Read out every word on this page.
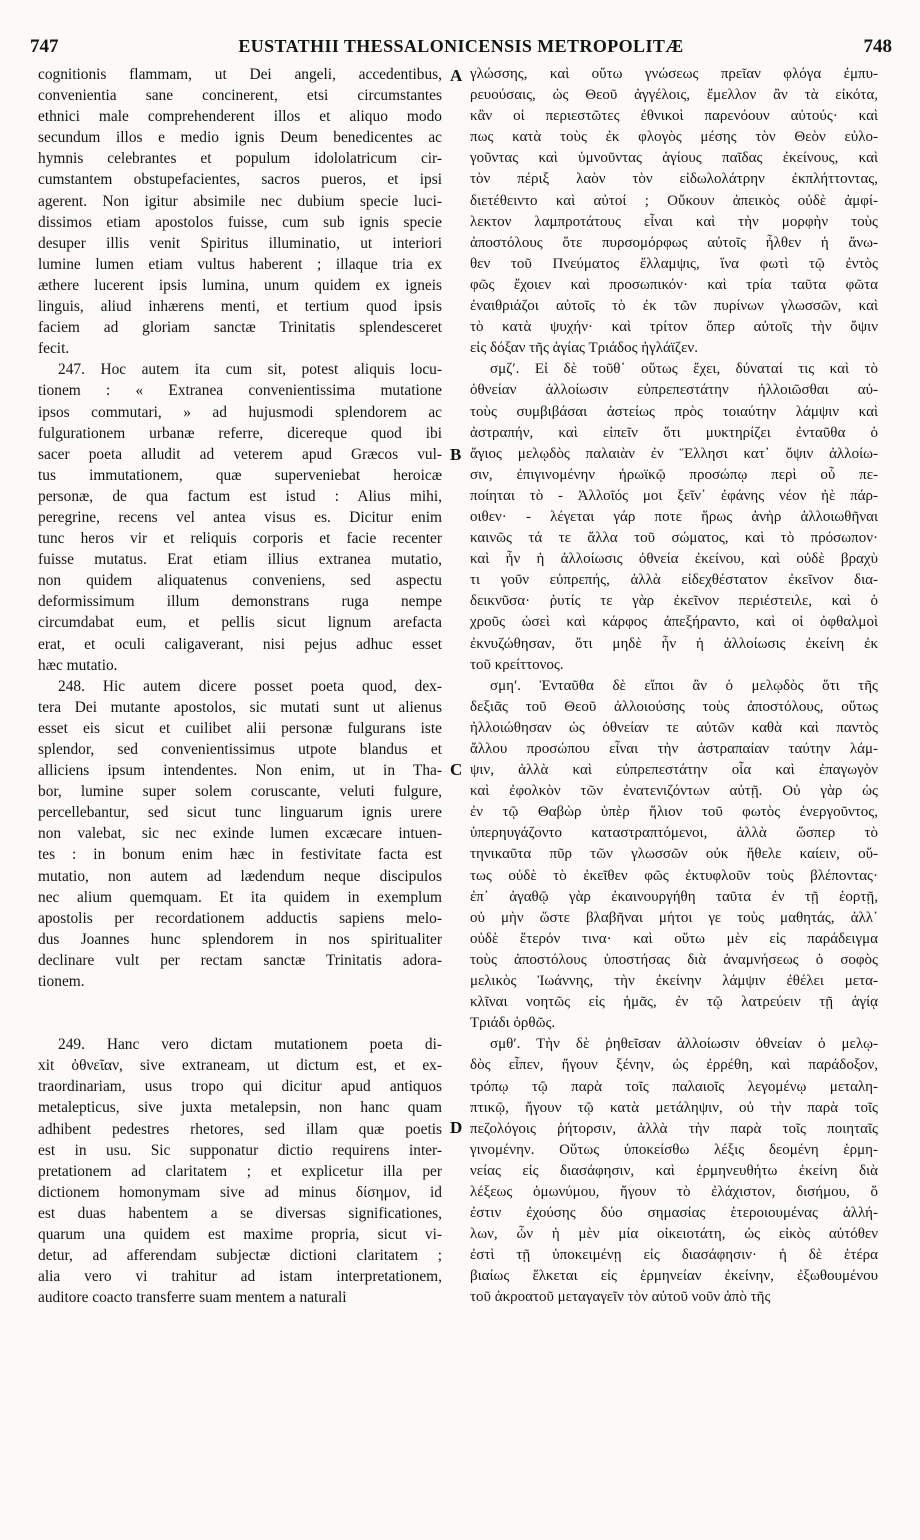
747	EUSTATHII THESSALONICENSIS METROPOLITÆ	748
A
B
C
D
cognitionis flammam, ut Dei angeli, accedentibus,
convenientia sane concinerent, etsi circumstantes
ethnici male comprehenderent illos et aliquo modo
secundum illos e medio ignis Deum benedicentes ac
hymnis celebrantes et populum idololatricum cir-
cumstantem obstupefacientes, sacros pueros, et ipsi
agerent. Non igitur absimile nec dubium specie luci-
dissimos etiam apostolos fuisse, cum sub ignis specie
desuper illis venit Spiritus illuminatio, ut interiori
lumine lumen etiam vultus haberent ; illaque tria ex
æthere lucerent ipsis lumina, unum quidem ex igneis
linguis, aliud inhærens menti, et tertium quod ipsis
faciem ad gloriam sanctæ Trinitatis splendesceret
fecit.
247. Hoc autem ita cum sit, potest aliquis locu-
tionem : « Extranea convenientissima mutatione
ipsos commutari, » ad hujusmodi splendorem ac
fulgurationem urbanæ referre, dicereque quod ibi
sacer poeta alludit ad veterem apud Græcos vul-
tus immutationem, quæ superveniebat heroicæ
personæ, de qua factum est istud : Alius mihi,
peregrine, recens vel antea visus es. Dicitur enim
tunc heros vir et reliquis corporis et facie recenter
fuisse mutatus. Erat etiam illius extranea mutatio,
non quidem aliquatenus conveniens, sed aspectu
deformissimum illum demonstrans ruga nempe
circumdabat eum, et pellis sicut lignum arefacta
erat, et oculi caligaverant, nisi pejus adhuc esset
hæc mutatio.
248. Hic autem dicere posset poeta quod, dex-
tera Dei mutante apostolos, sic mutati sunt ut alienus
esset eis sicut et cuilibet alii personæ fulgurans iste
splendor, sed convenientissimus utpote blandus et
alliciens ipsum intendentes. Non enim, ut in Tha-
bor, lumine super solem coruscante, veluti fulgure,
percellebantur, sed sicut tunc linguarum ignis urere
non valebat, sic nec exinde lumen excæcare intuen-
tes : in bonum enim hæc in festivitate facta est
mutatio, non autem ad lædendum neque discipulos
nec alium quemquam. Et ita quidem in exemplum
apostolis per recordationem adductis sapiens melo-
dus Joannes hunc splendorem in nos spiritualiter
declinare vult per rectam sanctæ Trinitatis adora-
tionem.
249. Hanc vero dictam mutationem poeta di-
xit ὀθνεῖαν, sive extraneam, ut dictum est, et ex-
traordinariam, usus tropo qui dicitur apud antiquos
metalepticus, sive juxta metalepsin, non hanc quam
adhibent pedestres rhetores, sed illam quæ poetis
est in usu. Sic supponatur dictio requirens inter-
pretationem ad claritatem ; et explicetur illa per
dictionem homonymam sive ad minus δίσημον, id
est duas habentem a se diversas significationes,
quarum una quidem est maxime propria, sicut vi-
detur, ad afferendam subjectæ dictioni claritatem ;
alia vero vi trahitur ad istam interpretationem,
auditore coacto transferre suam mentem a naturali
γλώσσης, καὶ οὕτω γνώσεως πρεῖαν φλόγα ἐμπυ-
ρευούσαις, ὡς Θεοῦ ἀγγέλοις, ἔμελλον ἂν τὰ εἰκότα,
κἂν οἱ περιεστῶτες ἐθνικοὶ παρενόουν αὐτούς· καὶ
πως κατὰ τοὺς ἐκ φλογὸς μέσης τὸν Θεὸν εὐλο-
γοῦντας καὶ ὑμνοῦντας ἁγίους παῖδας ἐκείνους, καὶ
τὸν πέριξ λαὸν τὸν εἰδωλολάτρην ἐκπλήττοντας,
διετέθειντο καὶ αὐτοί ; Οὔκουν ἀπεικὸς οὐδὲ ἀμφί-
λεκτον λαμπροτάτους εἶναι καὶ τὴν μορφὴν τοὺς
ἀποστόλους ὅτε πυρσομόρφως αὐτοῖς ἦλθεν ἡ ἄνω-
θεν τοῦ Πνεύματος ἔλλαμψις, ἵνα φωτὶ τῷ ἐντὸς
φῶς ἔχοιεν καὶ προσωπικόν· καὶ τρία ταῦτα φῶτα
ἐναιθριάζοι αὐτοῖς τὸ ἐκ τῶν πυρίνων γλωσσῶν, καὶ
τὸ κατὰ ψυχήν· καὶ τρίτον ὅπερ αὐτοῖς τὴν ὄψιν
εἰς δόξαν τῆς ἁγίας Τριάδος ἠγλάϊζεν.
σμζʹ. Εἰ δὲ τοῦθ᾿ οὕτως ἔχει, δύναταί τις καὶ τὸ
ὀθνείαν ἀλλοίωσιν εὐπρεπεστάτην ἠλλοιῶσθαι αὐ-
τοὺς συμβιβάσαι ἀστείως πρὸς τοιαύτην λάμψιν καὶ
ἀστραπήν, καὶ εἰπεῖν ὅτι μυκτηρίζει ἐνταῦθα ὁ
ἅγιος μελῳδὸς παλαιὰν ἐν Ἕλλησι κατ᾿ ὄψιν ἀλλοίω-
σιν, ἐπιγινομένην ἡρωϊκῷ προσώπῳ περὶ οὗ πε-
ποίηται τὸ - Ἀλλοῖός μοι ξεῖν᾿ ἐφάνης νέον ἠὲ πάρ-
οιθεν· - λέγεται γάρ ποτε ἥρως ἀνὴρ ἀλλοιωθῆναι
καινῶς τά τε ἄλλα τοῦ σώματος, καὶ τὸ πρόσωπον·
καὶ ἦν ἡ ἀλλοίωσις ὀθνεία ἐκείνου, καὶ οὐδὲ βραχὺ
τι γοῦν εὐπρεπής, ἀλλὰ εἰδεχθέστατον ἐκεῖνον δια-
δεικνῦσα· ῥυτίς τε γὰρ ἐκεῖνον περιέστειλε, καὶ ὁ
χροῦς ὡσεὶ καὶ κάρφος ἀπεξήραντο, καὶ οἱ ὀφθαλμοὶ
ἐκνυζώθησαν, ὅτι μηδὲ ἦν ἡ ἀλλοίωσις ἐκείνη ἐκ
τοῦ κρείττονος.
σμηʹ. Ἐνταῦθα δὲ εἴποι ἂν ὁ μελῳδὸς ὅτι τῆς
δεξιᾶς τοῦ Θεοῦ ἀλλοιούσης τοὺς ἀποστόλους, οὕτως
ἠλλοιώθησαν ὡς ὀθνείαν τε αὐτῶν καθὰ καὶ παντὸς
ἄλλου προσώπου εἶναι τὴν ἀστραπαίαν ταύτην λάμ-
ψιν, ἀλλὰ καὶ εὐπρεπεστάτην οἷα καὶ ἐπαγωγὸν
καὶ ἐφολκὸν τῶν ἐνατενιζόντων αὐτῇ. Οὐ γὰρ ὡς
ἐν τῷ Θαβὼρ ὑπὲρ ἥλιον τοῦ φωτὸς ἐνεργοῦντος,
ὑπερηυγάζοντο καταστραπτόμενοι, ἀλλὰ ὥσπερ τὸ
τηνικαῦτα πῦρ τῶν γλωσσῶν οὐκ ἤθελε καίειν, οὕ-
τως οὐδὲ τὸ ἐκεῖθεν φῶς ἐκτυφλοῦν τοὺς βλέποντας·
ἐπ᾿ ἀγαθῷ γὰρ ἐκαινουργήθη ταῦτα ἐν τῇ ἑορτῇ,
οὐ μὴν ὥστε βλαβῆναι μήτοι γε τοὺς μαθητάς, ἀλλ᾿
οὐδὲ ἕτερόν τινα· καὶ οὕτω μὲν εἰς παράδειγμα
τοὺς ἀποστόλους ὑποστήσας διὰ ἀναμνήσεως ὁ σοφὸς
μελικὸς Ἰωάννης, τὴν ἐκείνην λάμψιν ἐθέλει μετα-
κλῖναι νοητῶς εἰς ἡμᾶς, ἐν τῷ λατρεύειν τῇ ἁγίᾳ
Τριάδι ὀρθῶς.
σμθʹ. Τὴν δὲ ῥηθεῖσαν ἀλλοίωσιν ὀθνείαν ὁ μελῳ-
δὸς εἶπεν, ἤγουν ξένην, ὡς ἐρρέθη, καὶ παράδοξον,
τρόπῳ τῷ παρὰ τοῖς παλαιοῖς λεγομένῳ μεταλη-
πτικῷ, ἤγουν τῷ κατὰ μετάληψιν, οὐ τὴν παρὰ τοῖς
πεζολόγοις ῥήτορσιν, ἀλλὰ τὴν παρὰ τοῖς ποιηταῖς
γινομένην. Οὕτως ὑποκείσθω λέξις δεομένη ἑρμη-
νείας εἰς διασάφησιν, καὶ ἑρμηνευθήτω ἐκείνη διὰ
λέξεως ὁμωνύμου, ἤγουν τὸ ἐλάχιστον, δισήμου, ὅ
ἐστιν ἐχούσης δύο σημασίας ἑτεροιουμένας ἀλλή-
λων, ὧν ἡ μὲν μία οἰκειοτάτη, ὡς εἰκὸς αὐτόθεν
ἐστὶ τῇ ὑποκειμένῃ εἰς διασάφησιν· ἡ δὲ ἑτέρα
βιαίως ἕλκεται εἰς ἑρμηνείαν ἐκείνην, ἐξωθουμένου
τοῦ ἀκροατοῦ μεταγαγεῖν τὸν αὐτοῦ νοῦν ἀπὸ τῆς
